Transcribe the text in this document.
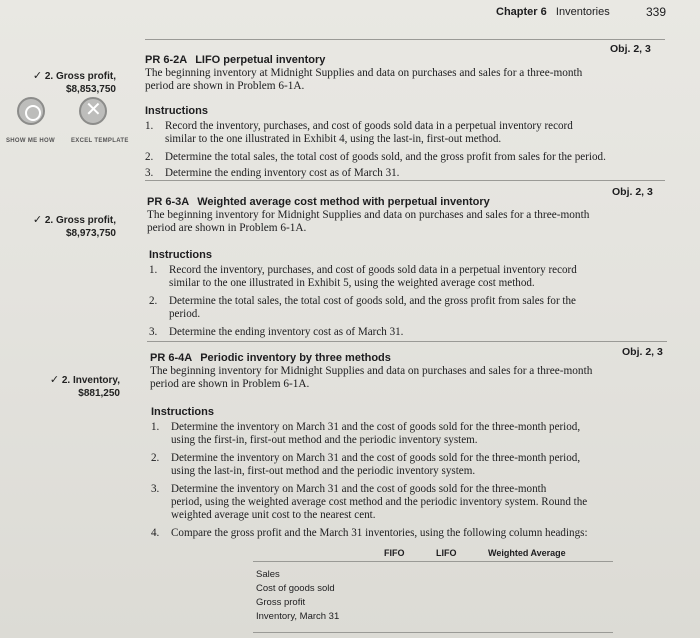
Chapter 6 Inventories	339
✓ 2. Gross profit,
$8,853,750
SHOW ME HOW
✕
EXCEL TEMPLATE
PR 6-2A LIFO perpetual inventory
Obj. 2, 3
The beginning inventory at Midnight Supplies and data on purchases and sales for a three-month
period are shown in Problem 6-1A.
Instructions
1. Record the inventory, purchases, and cost of goods sold data in a perpetual inventory record
similar to the one illustrated in Exhibit 4, using the last-in, first-out method.
2. Determine the total sales, the total cost of goods sold, and the gross profit from sales for the period.
3. Determine the ending inventory cost as of March 31.
✓ 2. Gross profit,
$8,973,750
PR 6-3A Weighted average cost method with perpetual inventory
Obj. 2, 3
The beginning inventory for Midnight Supplies and data on purchases and sales for a three-month
period are shown in Problem 6-1A.
Instructions
1. Record the inventory, purchases, and cost of goods sold data in a perpetual inventory record
similar to the one illustrated in Exhibit 5, using the weighted average cost method.
2. Determine the total sales, the total cost of goods sold, and the gross profit from sales for the
period.
3. Determine the ending inventory cost as of March 31.
✓ 2. Inventory,
$881,250
PR 6-4A Periodic inventory by three methods	Obj. 2, 3
The beginning inventory for Midnight Supplies and data on purchases and sales for a three-month
period are shown in Problem 6-1A.
Instructions
1. Determine the inventory on March 31 and the cost of goods sold for the three-month period,
using the first-in, first-out method and the periodic inventory system.
2. Determine the inventory on March 31 and the cost of goods sold for the three-month period,
using the last-in, first-out method and the periodic inventory system.
3. Determine the inventory on March 31 and the cost of goods sold for the three-month
period, using the weighted average cost method and the periodic inventory system. Round the
weighted average unit cost to the nearest cent.
4. Compare the gross profit and the March 31 inventories, using the following column headings:
FIFO	LIFO	Weighted Average
Sales
Cost of goods sold
Gross profit
Inventory, March 31
